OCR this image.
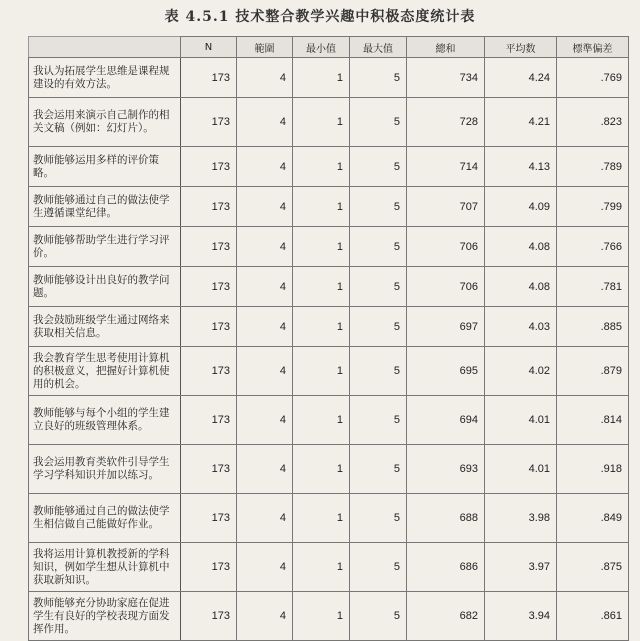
表 4.5.1 技术整合教学兴趣中积极态度统计表
	N	範圍	最小值	最大值	總和	平均数	標準偏差
我认为拓展学生思维是课程规建设的有效方法。	173	4	1	5	734	4.24	.769
我会运用来演示自己制作的相关文稿（例如：幻灯片）。	173	4	1	5	728	4.21	.823
教师能够运用多样的评价策略。	173	4	1	5	714	4.13	.789
教师能够通过自己的做法使学生遵循课堂纪律。	173	4	1	5	707	4.09	.799
教师能够帮助学生进行学习评价。	173	4	1	5	706	4.08	.766
教师能够设计出良好的教学问题。	173	4	1	5	706	4.08	.781
我会鼓励班级学生通过网络来获取相关信息。	173	4	1	5	697	4.03	.885
我会教育学生思考使用计算机的积极意义，把握好计算机使用的机会。	173	4	1	5	695	4.02	.879
教师能够与每个小组的学生建立良好的班级管理体系。	173	4	1	5	694	4.01	.814
我会运用教育类软件引导学生学习学科知识并加以练习。	173	4	1	5	693	4.01	.918
教师能够通过自己的做法使学生相信做自己能做好作业。	173	4	1	5	688	3.98	.849
我将运用计算机教授新的学科知识，例如学生想从计算机中获取新知识。	173	4	1	5	686	3.97	.875
教师能够充分协助家庭在促进学生有良好的学校表现方面发挥作用。	173	4	1	5	682	3.94	.861
